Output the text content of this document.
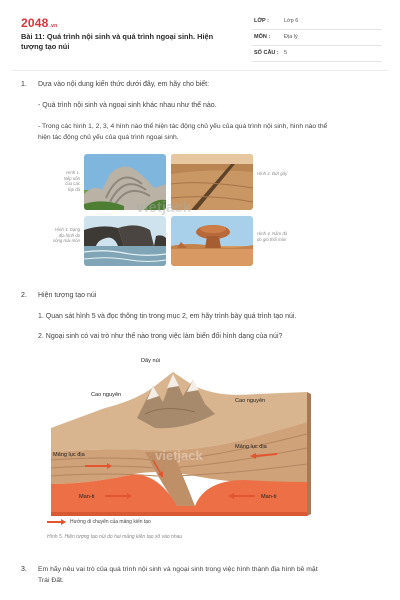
2048.vn
Bài 11: Quá trình nội sinh và quá trình ngoại sinh. Hiện tượng tạo núi
LỚP :	Lớp 6
MÔN :	Địa lý
SỐ CÂU : 5
1. Dựa vào nội dung kiến thức dưới đây, em hãy cho biết:
- Quá trình nội sinh và ngoại sinh khác nhau như thế nào.
- Trong các hình 1, 2, 3, 4 hình nào thể hiện tác động chủ yếu của quá trình nội sinh, hình nào thể
hiện tác động chủ yếu của quá trình ngoại sinh.
Hình 1.
Nếp uốn
của các
lớp đá
Hình 2. Đứt gãy
Hình 3. Dạng
địa hình do
sóng mài mòn
Hình 4. Nấm đá
do gió thổi mòn
vietjack
2. Hiện tượng tạo núi
1. Quan sát hình 5 và đọc thông tin trong mục 2, em hãy trình bày quá trình tạo núi.
2. Ngoại sinh có vai trò như thế nào trong việc làm biến đổi hình dạng của núi?
Dãy núi
Cao nguyên
Cao nguyên
Mảng lục địa
Mảng lục địa
Man-ti	Man-ti
Hướng di chuyển của mảng kiến tạo
vietjack
Hình 5. Hiện tượng tạo núi do hai mảng kiến tạo xô vào nhau
3. Em hãy nêu vai trò của quá trình nội sinh và ngoại sinh trong việc hình thành địa hình bề mặt
Trái Đất.
